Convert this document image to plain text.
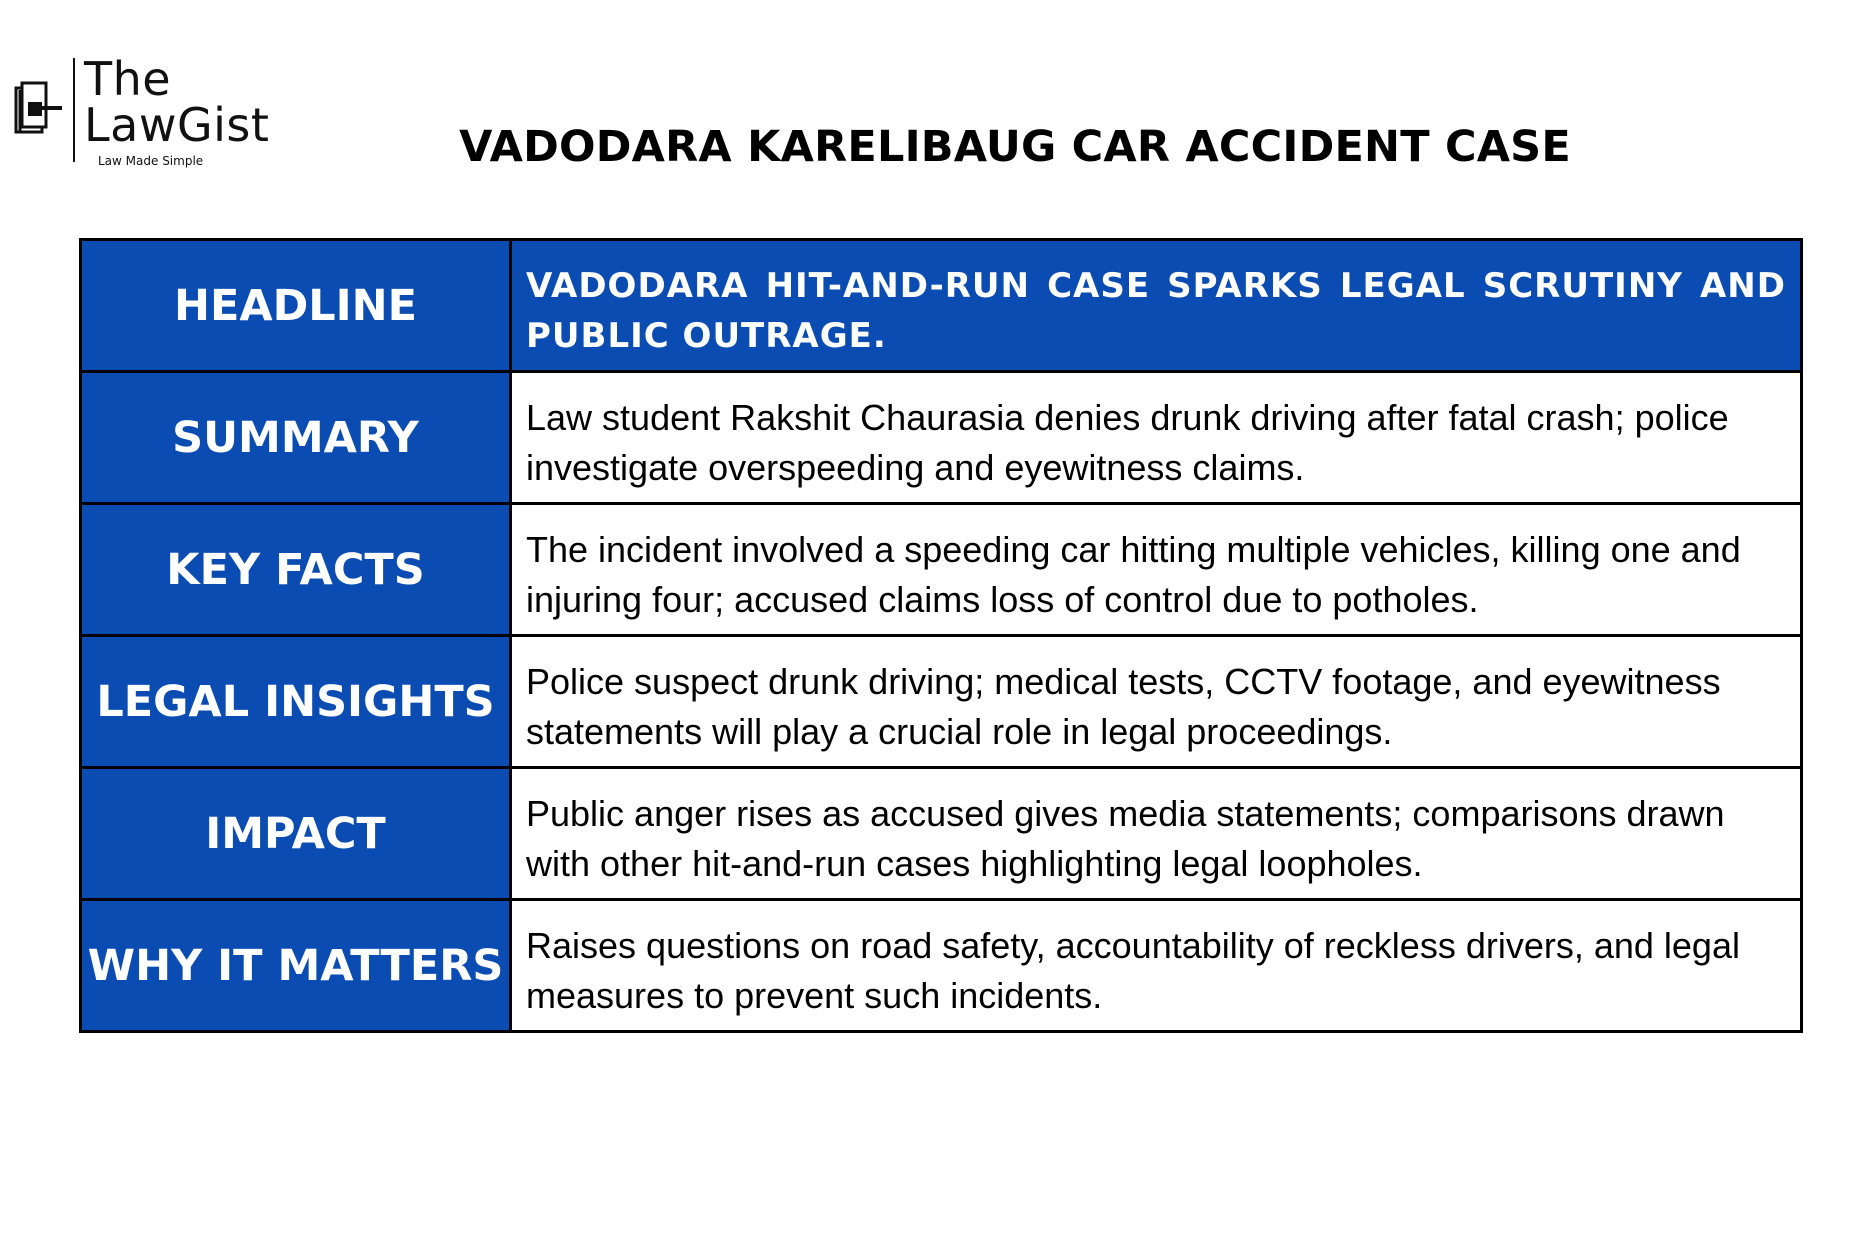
The
LawGist
Law Made Simple	VADODARA KARELIBAUG CAR ACCIDENT CASE
HEADLINE	VADODARA HIT-AND-RUN CASE SPARKS LEGAL SCRUTINY AND PUBLIC OUTRAGE.
SUMMARY	Law student Rakshit Chaurasia denies drunk driving after fatal crash; police investigate overspeeding and eyewitness claims.
KEY FACTS	The incident involved a speeding car hitting multiple vehicles, killing one and injuring four; accused claims loss of control due to potholes.
LEGAL INSIGHTS	Police suspect drunk driving; medical tests, CCTV footage, and eyewitness statements will play a crucial role in legal proceedings.
IMPACT	Public anger rises as accused gives media statements; comparisons drawn with other hit-and-run cases highlighting legal loopholes.
WHY IT MATTERS	Raises questions on road safety, accountability of reckless drivers, and legal measures to prevent such incidents.
